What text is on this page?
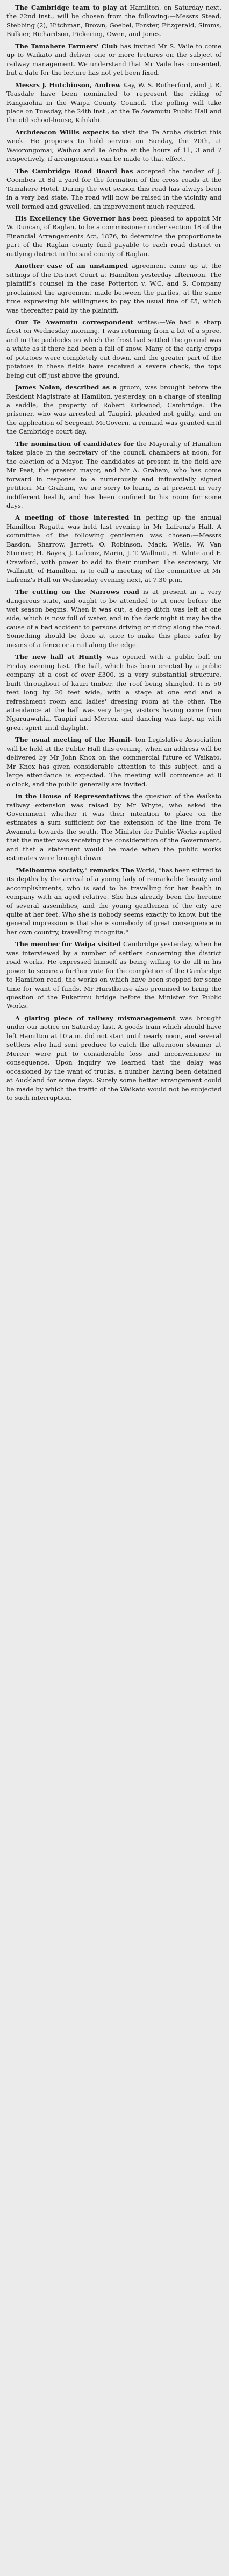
The Cambridge team to play at Hamilton, on Saturday next, the 22nd inst., will be chosen from the following:—Messrs Stead, Stebbing (2), Hitchman, Brown, Goebel, Forster, Fitzgerald, Simms, Bulkier, Richardson, Pickering, Owen, and Jones.

The Tamahere Farmers' Club has invited Mr S. Vaile to come up to Waikato and deliver one or more lectures on the subject of railway management. We understand that Mr Vaile has consented, but a date for the lecture has not yet been fixed.

Messrs J. Hutchinson, Andrew Kay, W. S. Rutherford, and J. R. Teasdale have been nominated to represent the riding of Rangiaohia in the Waipa County Council. The polling will take place on Tuesday, the 24th inst., at the Te Awamutu Public Hall and the old school-house, Kihikihi.

Archdeacon Willis expects to visit the Te Aroha district this week. He proposes to hold service on Sunday, the 20th, at Waiorongomai, Waihou and Te Aroha at the hours of 11, 3 and 7 respectively, if arrangements can be made to that effect.

The Cambridge Road Board has accepted the tender of J. Coombes at 8d a yard for the formation of the cross roads at the Tamahere Hotel. During the wet season this road has always been in a very bad state. The road will now be raised in the vicinity and well formed and gravelled, an improvement much required.

His Excellency the Governor has been pleased to appoint Mr W. Duncan, of Raglan, to be a commissioner under section 18 of the Financial Arrangements Act, 1876, to determine the proportionate part of the Raglan county fund payable to each road district or outlying district in the said county of Raglan.

Another case of an unstamped agreement came up at the sittings of the District Court at Hamilton yesterday afternoon. The plaintiff's counsel in the case Potterton v. W.C. and S. Company proclaimed the agreement made between the parties, at the same time expressing his willingness to pay the usual fine of £5, which was thereafter paid by the plaintiff.

Our Te Awamutu correspondent writes:—We had a sharp frost on Wednesday morning. I was returning from a bit of a spree, and in the paddocks on which the frost had settled the ground was a white as if there had been a fall of snow. Many of the early crops of potatoes were completely cut down, and the greater part of the potatoes in these fields have received a severe check, the tops being cut off just above the ground.

James Nolan, described as a groom, was brought before the Resident Magistrate at Hamilton, yesterday, on a charge of stealing a saddle, the property of Robert Kirkwood, Cambridge. The prisoner, who was arrested at Taupiri, pleaded not guilty, and on the application of Sergeant McGovern, a remand was granted until the Cambridge court day.

The nomination of candidates for the Mayoralty of Hamilton takes place in the secretary of the council chambers at noon, for the election of a Mayor. The candidates at present in the field are Mr Peat, the present mayor, and Mr A. Graham, who has come forward in response to a numerously and influentially signed petition. Mr Graham, we are sorry to learn, is at present in very indifferent health, and has been confined to his room for some days.

A meeting of those interested in getting up the annual Hamilton Regatta was held last evening in Mr Lafrenz's Hall. A committee of the following gentlemen was chosen:—Messrs Basdon, Sharrow, Jarrett, O. Robinson, Mack, Wells, W. Van Sturmer, H. Bayes, J. Lafrenz, Marin, J. T. Wallnutt, H. White and F. Crawford, with power to add to their number. The secretary, Mr Wallnutt, of Hamilton, is to call a meeting of the committee at Mr Lafrenz's Hall on Wednesday evening next, at 7.30 p.m.

The cutting on the Narrows road is at present in a very dangerous state, and ought to be attended to at once before the wet season begins. When it was cut, a deep ditch was left at one side, which is now full of water, and in the dark night it may be the cause of a bad accident to persons driving or riding along the road. Something should be done at once to make this place safer by means of a fence or a rail along the edge.

The new hall at Huntly was opened with a public ball on Friday evening last. The hall, which has been erected by a public company at a cost of over £300, is a very substantial structure, built throughout of kauri timber, the roof being shingled. It is 50 feet long by 20 feet wide, with a stage at one end and a refreshment room and ladies' dressing room at the other. The attendance at the ball was very large, visitors having come from Ngaruawahia, Taupiri and Mercer, and dancing was kept up with great spirit until daylight.

The usual meeting of the Hamil- ton Legislative Association will be held at the Public Hall this evening, when an address will be delivered by Mr John Knox on the commercial future of Waikato. Mr Knox has given considerable attention to this subject, and a large attendance is expected. The meeting will commence at 8 o'clock, and the public generally are invited.

In the House of Representatives the question of the Waikato railway extension was raised by Mr Whyte, who asked the Government whether it was their intention to place on the estimates a sum sufficient for the extension of the line from Te Awamutu towards the south. The Minister for Public Works replied that the matter was receiving the consideration of the Government, and that a statement would be made when the public works estimates were brought down.

"Melbourne society," remarks The World, "has been stirred to its depths by the arrival of a young lady of remarkable beauty and accomplishments, who is said to be travelling for her health in company with an aged relative. She has already been the heroine of several assemblies, and the young gentlemen of the city are quite at her feet. Who she is nobody seems exactly to know, but the general impression is that she is somebody of great consequence in her own country, travelling incognita."

The member for Waipa visited Cambridge yesterday, when he was interviewed by a number of settlers concerning the district road works. He expressed himself as being willing to do all in his power to secure a further vote for the completion of the Cambridge to Hamilton road, the works on which have been stopped for some time for want of funds. Mr Hursthouse also promised to bring the question of the Pukerimu bridge before the Minister for Public Works.

A glaring piece of railway mismanagement was brought under our notice on Saturday last. A goods train which should have left Hamilton at 10 a.m. did not start until nearly noon, and several settlers who had sent produce to catch the afternoon steamer at Mercer were put to considerable loss and inconvenience in consequence. Upon inquiry we learned that the delay was occasioned by the want of trucks, a number having been detained at Auckland for some days. Surely some better arrangement could be made by which the traffic of the Waikato would not be subjected to such interruption.
